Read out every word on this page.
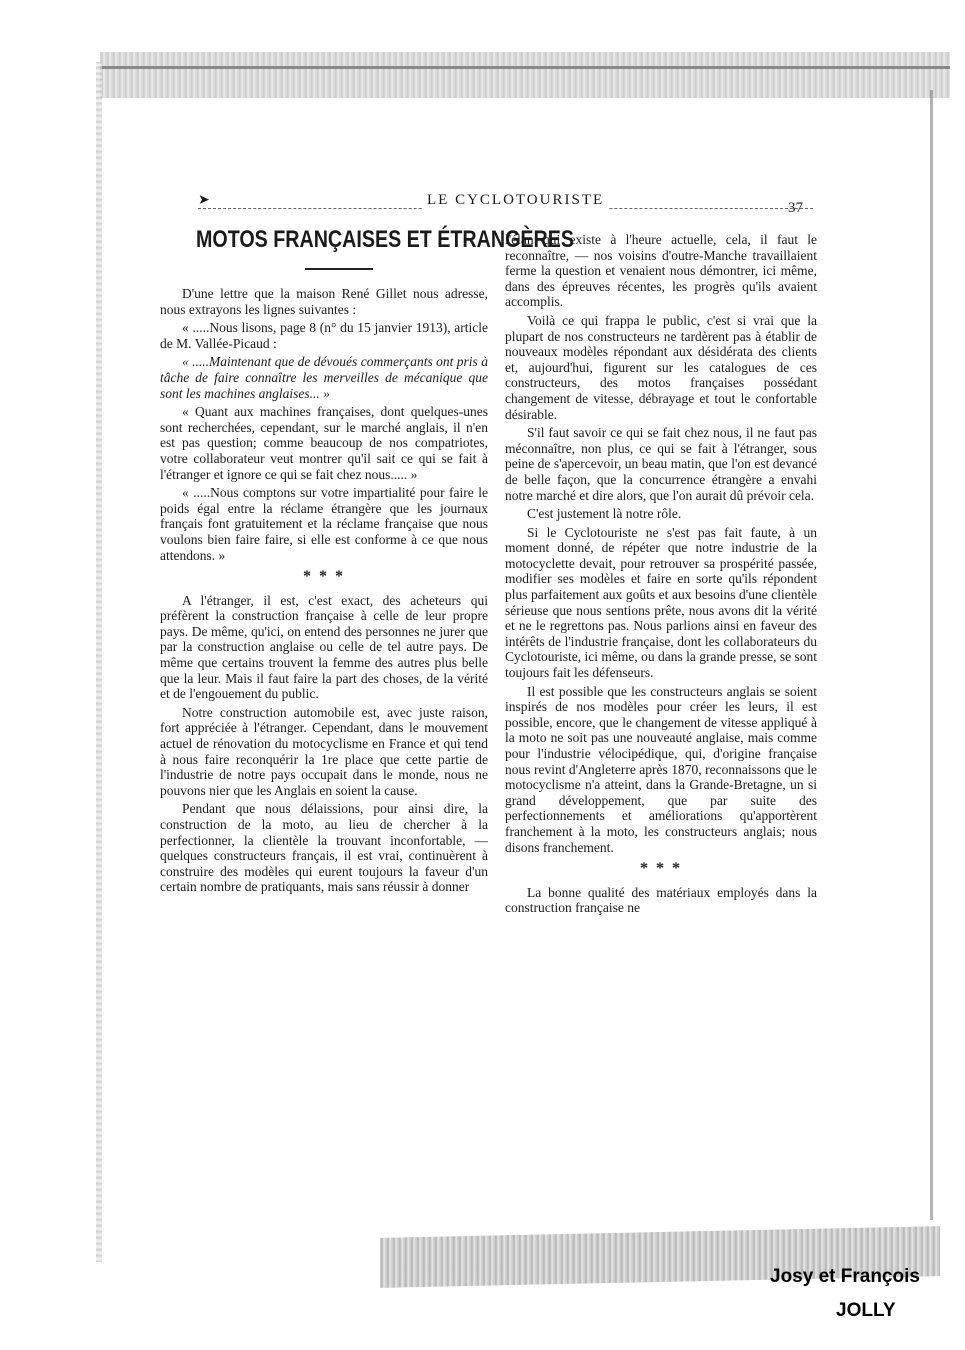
➤	LE CYCLOTOURISTE	37
MOTOS FRANÇAISES ET ÉTRANGÈRES

D'une lettre que la maison René Gillet nous adresse, nous extrayons les lignes suivantes :

« .....Nous lisons, page 8 (n° du 15 janvier 1913), article de M. Vallée-Picaud :

« .....Maintenant que de dévoués commerçants ont pris à tâche de faire connaître les merveilles de mécanique que sont les machines anglaises... »

« Quant aux machines françaises, dont quelques-unes sont recherchées, cependant, sur le marché anglais, il n'en est pas question; comme beaucoup de nos compatriotes, votre collaborateur veut montrer qu'il sait ce qui se fait à l'étranger et ignore ce qui se fait chez nous..... »

« .....Nous comptons sur votre impartialité pour faire le poids égal entre la réclame étrangère que les journaux français font gratuitement et la réclame française que nous voulons bien faire faire, si elle est conforme à ce que nous attendons. »

* * *

A l'étranger, il est, c'est exact, des acheteurs qui préfèrent la construction française à celle de leur propre pays. De même, qu'ici, on entend des personnes ne jurer que par la construction anglaise ou celle de tel autre pays. De même que certains trouvent la femme des autres plus belle que la leur. Mais il faut faire la part des choses, de la vérité et de l'engouement du public.

Notre construction automobile est, avec juste raison, fort appréciée à l'étranger. Cependant, dans le mouvement actuel de rénovation du motocyclisme en France et qui tend à nous faire reconquérir la 1re place que cette partie de l'industrie de notre pays occupait dans le monde, nous ne pouvons nier que les Anglais en soient la cause.

Pendant que nous délaissions, pour ainsi dire, la construction de la moto, au lieu de chercher à la perfectionner, la clientèle la trouvant inconfortable, — quelques constructeurs français, il est vrai, continuèrent à construire des modèles qui eurent toujours la faveur d'un certain nombre de pratiquants, mais sans réussir à donner

l'élan qui existe à l'heure actuelle, cela, il faut le reconnaître, — nos voisins d'outre-Manche travaillaient ferme la question et venaient nous démontrer, ici même, dans des épreuves récentes, les progrès qu'ils avaient accomplis.

Voilà ce qui frappa le public, c'est si vrai que la plupart de nos constructeurs ne tardèrent pas à établir de nouveaux modèles répondant aux désidérata des clients et, aujourd'hui, figurent sur les catalogues de ces constructeurs, des motos françaises possédant changement de vitesse, débrayage et tout le confortable désirable.

S'il faut savoir ce qui se fait chez nous, il ne faut pas méconnaître, non plus, ce qui se fait à l'étranger, sous peine de s'apercevoir, un beau matin, que l'on est devancé de belle façon, que la concurrence étrangère a envahi notre marché et dire alors, que l'on aurait dû prévoir cela.

C'est justement là notre rôle.

Si le Cyclotouriste ne s'est pas fait faute, à un moment donné, de répéter que notre industrie de la motocyclette devait, pour retrouver sa prospérité passée, modifier ses modèles et faire en sorte qu'ils répondent plus parfaitement aux goûts et aux besoins d'une clientèle sérieuse que nous sentions prête, nous avons dit la vérité et ne le regrettons pas. Nous parlions ainsi en faveur des intérêts de l'industrie française, dont les collaborateurs du Cyclotouriste, ici même, ou dans la grande presse, se sont toujours fait les défenseurs.

Il est possible que les constructeurs anglais se soient inspirés de nos modèles pour créer les leurs, il est possible, encore, que le changement de vitesse appliqué à la moto ne soit pas une nouveauté anglaise, mais comme pour l'industrie vélocipédique, qui, d'origine française nous revint d'Angleterre après 1870, reconnaissons que le motocyclisme n'a atteint, dans la Grande-Bretagne, un si grand développement, que par suite des perfectionnements et améliorations qu'apportèrent franchement à la moto, les constructeurs anglais; nous disons franchement.

* * *

La bonne qualité des matériaux employés dans la construction française ne

Josy et François
JOLLY
